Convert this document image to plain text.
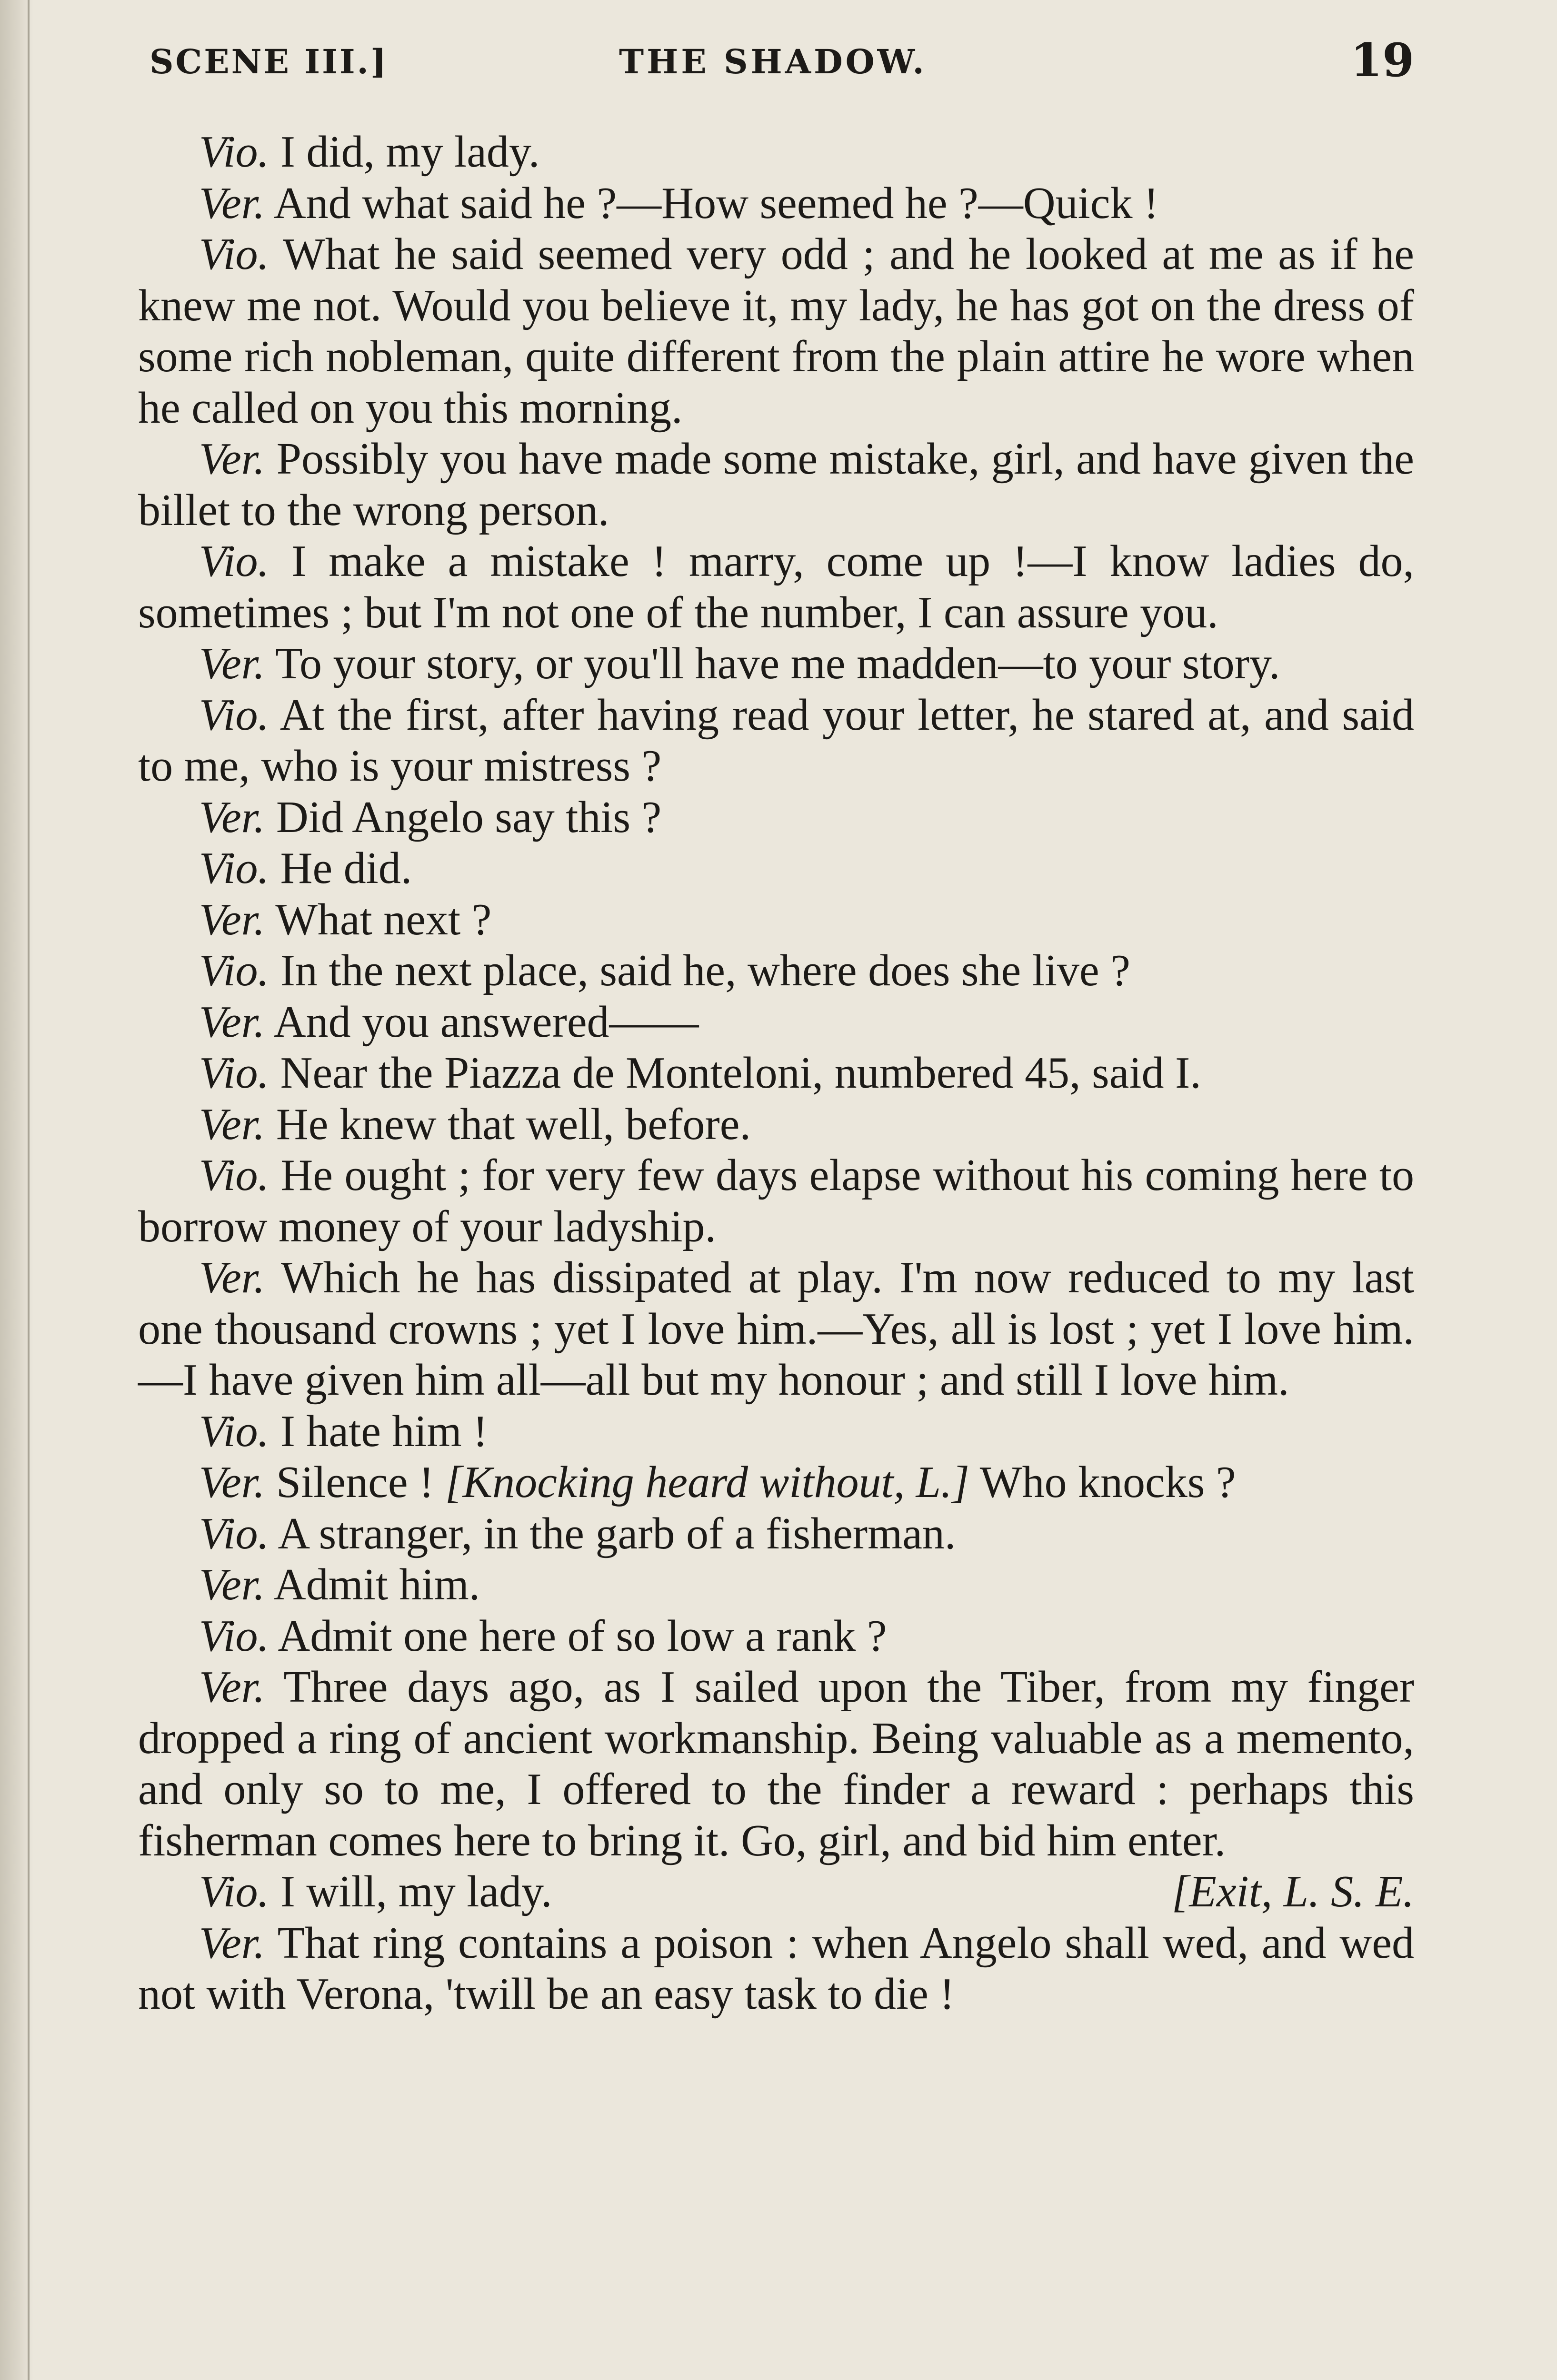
SCENE III.]	THE SHADOW.	19

Vio. I did, my lady.

Ver. And what said he ?—How seemed he ?—Quick !

Vio. What he said seemed very odd ; and he looked at me as if he knew me not. Would you believe it, my lady, he has got on the dress of some rich nobleman, quite different from the plain attire he wore when he called on you this morning.

Ver. Possibly you have made some mistake, girl, and have given the billet to the wrong person.

Vio. I make a mistake ! marry, come up !—I know ladies do, sometimes ; but I'm not one of the number, I can assure you.

Ver. To your story, or you'll have me madden—to your story.

Vio. At the first, after having read your letter, he stared at, and said to me, who is your mistress ?

Ver. Did Angelo say this ?

Vio. He did.

Ver. What next ?

Vio. In the next place, said he, where does she live ?

Ver. And you answered——

Vio. Near the Piazza de Monteloni, numbered 45, said I.

Ver. He knew that well, before.

Vio. He ought ; for very few days elapse without his coming here to borrow money of your ladyship.

Ver. Which he has dissipated at play. I'm now reduced to my last one thousand crowns ; yet I love him.—Yes, all is lost ; yet I love him.—I have given him all—all but my honour ; and still I love him.

Vio. I hate him !

Ver. Silence ! [Knocking heard without, L.] Who knocks ?

Vio. A stranger, in the garb of a fisherman.

Ver. Admit him.

Vio. Admit one here of so low a rank ?

Ver. Three days ago, as I sailed upon the Tiber, from my finger dropped a ring of ancient workmanship. Being valuable as a memento, and only so to me, I offered to the finder a reward : perhaps this fisherman comes here to bring it. Go, girl, and bid him enter.

Vio. I will, my lady.	[Exit, L. S. E.

Ver. That ring contains a poison : when Angelo shall wed, and wed not with Verona, 'twill be an easy task to die !
